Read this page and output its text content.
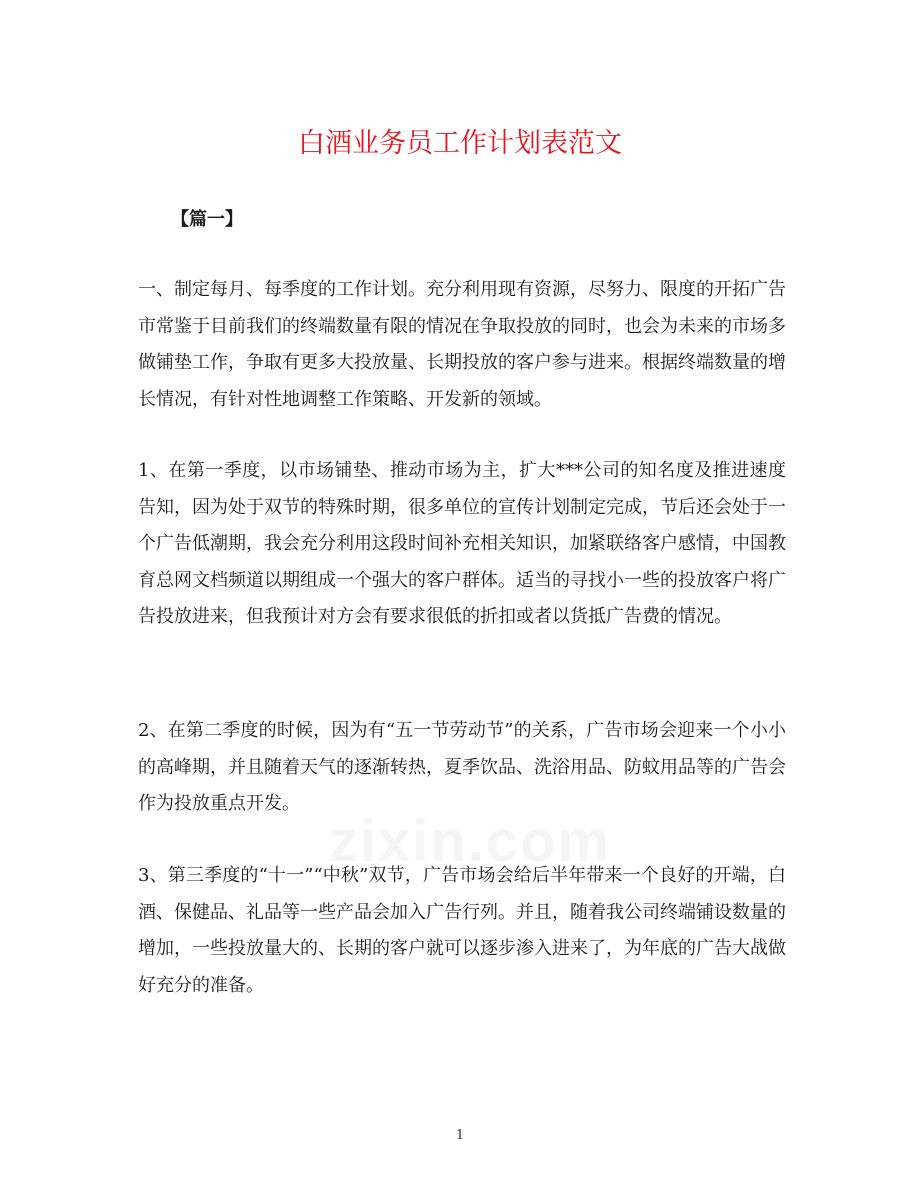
白酒业务员工作计划表范文
【篇一】
一、制定每月、每季度的工作计划。充分利用现有资源，尽努力、限度的开拓广告市常鉴于目前我们的终端数量有限的情况在争取投放的同时，也会为未来的市场多做铺垫工作，争取有更多大投放量、长期投放的客户参与进来。根据终端数量的增长情况，有针对性地调整工作策略、开发新的领域。
1、在第一季度，以市场铺垫、推动市场为主，扩大***公司的知名度及推进速度告知，因为处于双节的特殊时期，很多单位的宣传计划制定完成，节后还会处于一个广告低潮期，我会充分利用这段时间补充相关知识，加紧联络客户感情，中国教育总网文档频道以期组成一个强大的客户群体。适当的寻找小一些的投放客户将广告投放进来，但我预计对方会有要求很低的折扣或者以货抵广告费的情况。
2、在第二季度的时候，因为有“五一节劳动节”的关系，广告市场会迎来一个小小的高峰期，并且随着天气的逐渐转热，夏季饮品、洗浴用品、防蚊用品等的广告会作为投放重点开发。
3、第三季度的“十一”“中秋”双节，广告市场会给后半年带来一个良好的开端，白酒、保健品、礼品等一些产品会加入广告行列。并且，随着我公司终端铺设数量的增加，一些投放量大的、长期的客户就可以逐步渗入进来了，为年底的广告大战做好充分的准备。
zixin.com
1
